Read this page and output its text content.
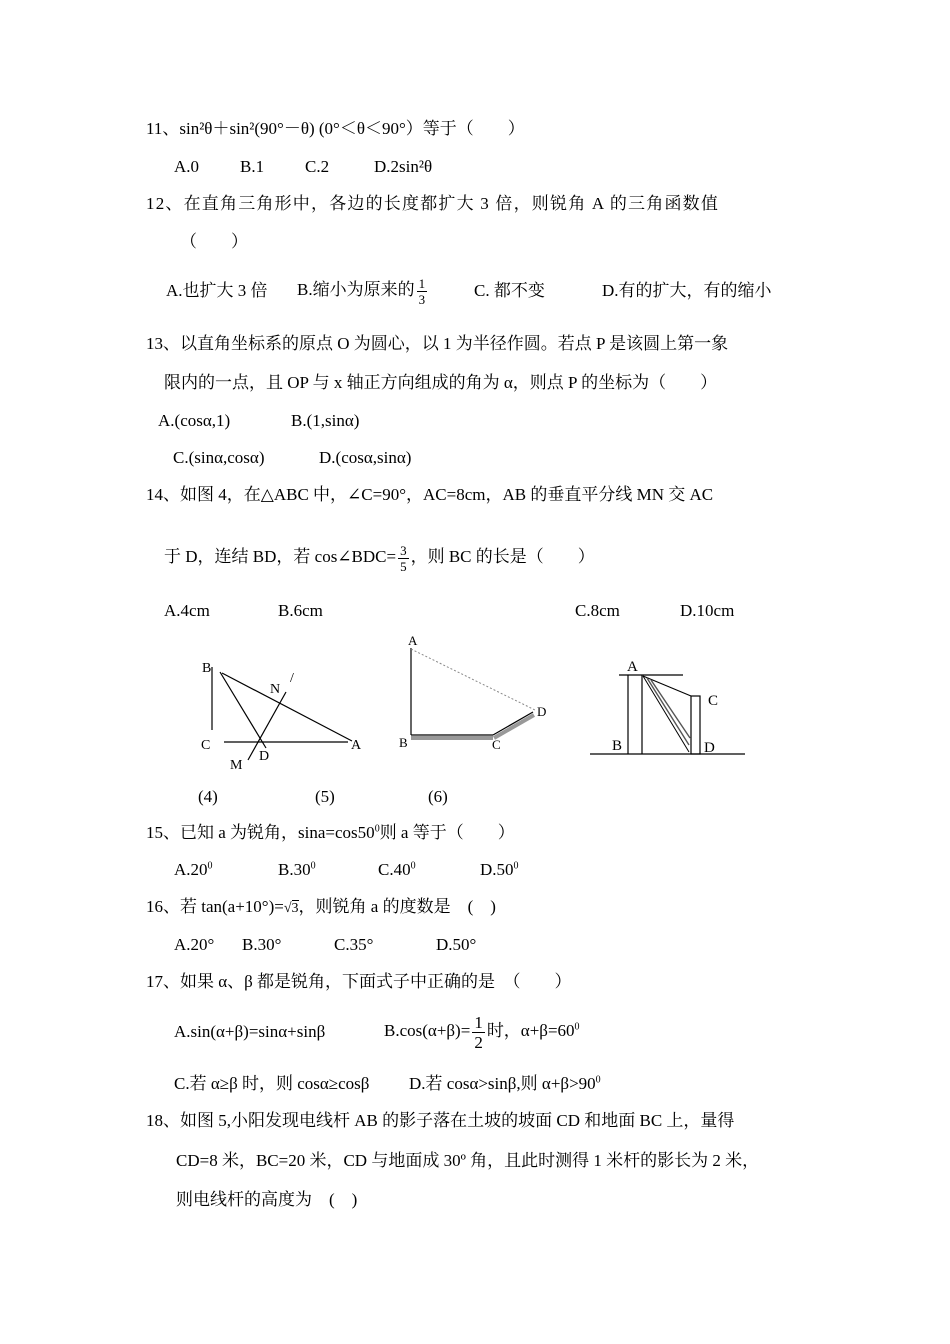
11、sin²θ＋sin²(90°－θ) (0°＜θ＜90°）等于（　　）
A.0 B.1 C.2	D.2sin²θ
12、在直角三角形中，各边的长度都扩大 3 倍，则锐角 A 的三角函数值
（　　）
A.也扩大 3 倍 B.缩小为原来的 $\frac{1}{3}$	C. 都不变	D.有的扩大，有的缩小
13、以直角坐标系的原点 O 为圆心，以 1 为半径作圆。若点 P 是该圆上第一象
限内的一点，且 OP 与 x 轴正方向组成的角为 α，则点 P 的坐标为（　　）
A.(cosα,1)	B.(1,sinα)
C.(sinα,cosα)	D.(cosα,sinα)
14、如图 4，在△ABC 中，∠C=90°，AC=8cm，AB 的垂直平分线 MN 交 AC
于 D，连结 BD，若 cos∠BDC= $\frac{3}{5}$ ，则 BC 的长是（　　）
A.4cm	B.6cm	C.8cm	D.10cm
B
N
/
C
D
A
M
A
D
B	C
A
C
B	D
(4)	(5)	(6)
15、已知 a 为锐角，$\sin a=\cos 50^0$则 a 等于（　　）
$A.20^0$	$B.30^0$	$C.40^0$	$D.50^0$
16、若 tan(a+10°)=√3，则锐角 a 的度数是　(　)
A.20° B.30°	C.35°	D.50°
17、如果 α、β 都是锐角，下面式子中正确的是　（　　）
A.sin(α+β)=sinα+sinβ	$B.\cos(\alpha+\beta)= \frac{1}{2}$ 时，$\alpha+\beta=60^0$
C.若 α≥β 时，则 cosα≥cosβ D.若 cosα>sinβ,则 $\alpha+\beta>90^0$
18、如图 5,小阳发现电线杆 AB 的影子落在土坡的坡面 CD 和地面 BC 上，量得
CD=8 米，BC=20 米，CD 与地面成 30º 角，且此时测得 1 米杆的影长为 2 米，
则电线杆的高度为　(　)
